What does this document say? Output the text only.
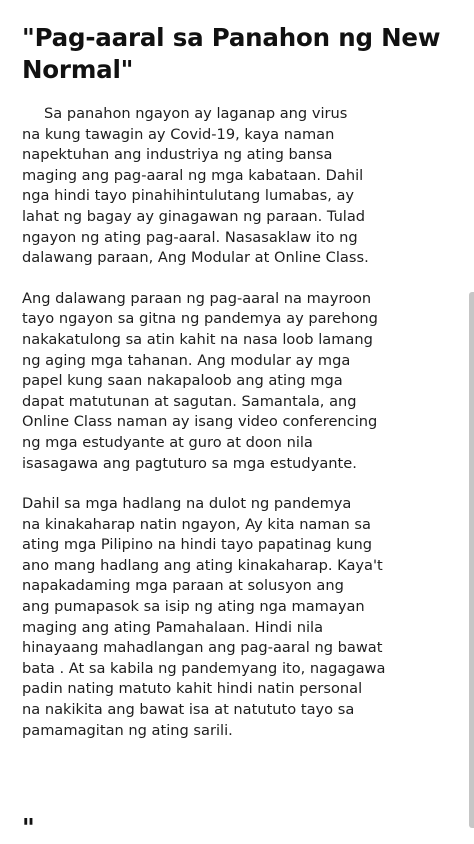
"Pag-aaral sa Panahon ng New
Normal"

Sa panahon ngayon ay laganap ang virus
na kung tawagin ay Covid-19, kaya naman
napektuhan ang industriya ng ating bansa
maging ang pag-aaral ng mga kabataan. Dahil
nga hindi tayo pinahihintulutang lumabas, ay
lahat ng bagay ay ginagawan ng paraan. Tulad
ngayon ng ating pag-aaral. Nasasaklaw ito ng
dalawang paraan, Ang Modular at Online Class.

Ang dalawang paraan ng pag-aaral na mayroon
tayo ngayon sa gitna ng pandemya ay parehong
nakakatulong sa atin kahit na nasa loob lamang
ng aging mga tahanan. Ang modular ay mga
papel kung saan nakapaloob ang ating mga
dapat matutunan at sagutan. Samantala, ang
Online Class naman ay isang video conferencing
ng mga estudyante at guro at doon nila
isasagawa ang pagtuturo sa mga estudyante.

Dahil sa mga hadlang na dulot ng pandemya
na kinakaharap natin ngayon, Ay kita naman sa
ating mga Pilipino na hindi tayo papatinag kung
ano mang hadlang ang ating kinakaharap. Kaya't
napakadaming mga paraan at solusyon ang
ang pumapasok sa isip ng ating nga mamayan
maging ang ating Pamahalaan. Hindi nila
hinayaang mahadlangan ang pag-aaral ng bawat
bata . At sa kabila ng pandemyang ito, nagagawa
padin nating matuto kahit hindi natin personal
na nakikita ang bawat isa at natututo tayo sa
pamamagitan ng ating sarili.

"
